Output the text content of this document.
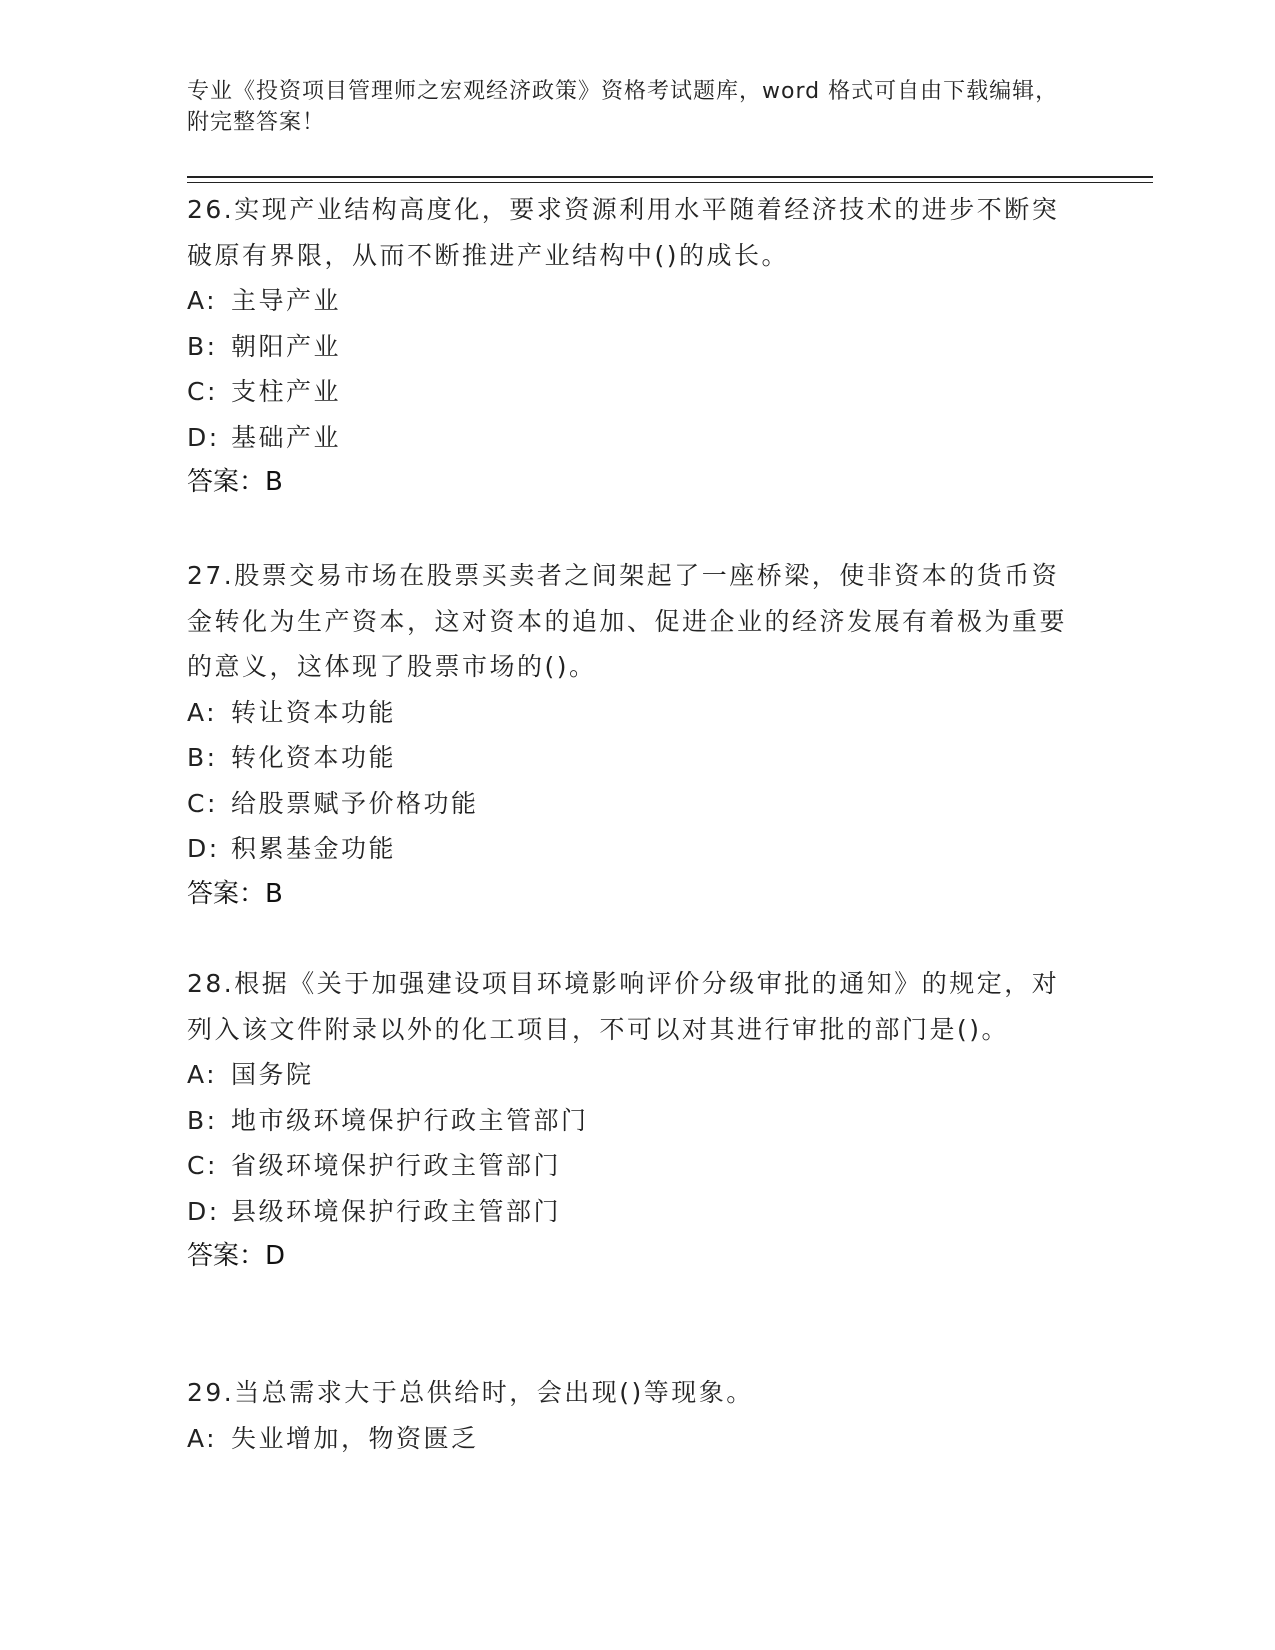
专业《投资项目管理师之宏观经济政策》资格考试题库，word 格式可自由下载编辑，附完整答案！

26.实现产业结构高度化，要求资源利用水平随着经济技术的进步不断突破原有界限，从而不断推进产业结构中()的成长。

A: 主导产业
B: 朝阳产业
C: 支柱产业
D: 基础产业
答案：B

27.股票交易市场在股票买卖者之间架起了一座桥梁，使非资本的货币资金转化为生产资本，这对资本的追加、促进企业的经济发展有着极为重要的意义，这体现了股票市场的()。

A: 转让资本功能
B: 转化资本功能
C: 给股票赋予价格功能
D: 积累基金功能
答案：B

28.根据《关于加强建设项目环境影响评价分级审批的通知》的规定，对列入该文件附录以外的化工项目，不可以对其进行审批的部门是()。

A: 国务院
B: 地市级环境保护行政主管部门
C: 省级环境保护行政主管部门
D: 县级环境保护行政主管部门
答案：D

29.当总需求大于总供给时，会出现()等现象。

A: 失业增加，物资匮乏
